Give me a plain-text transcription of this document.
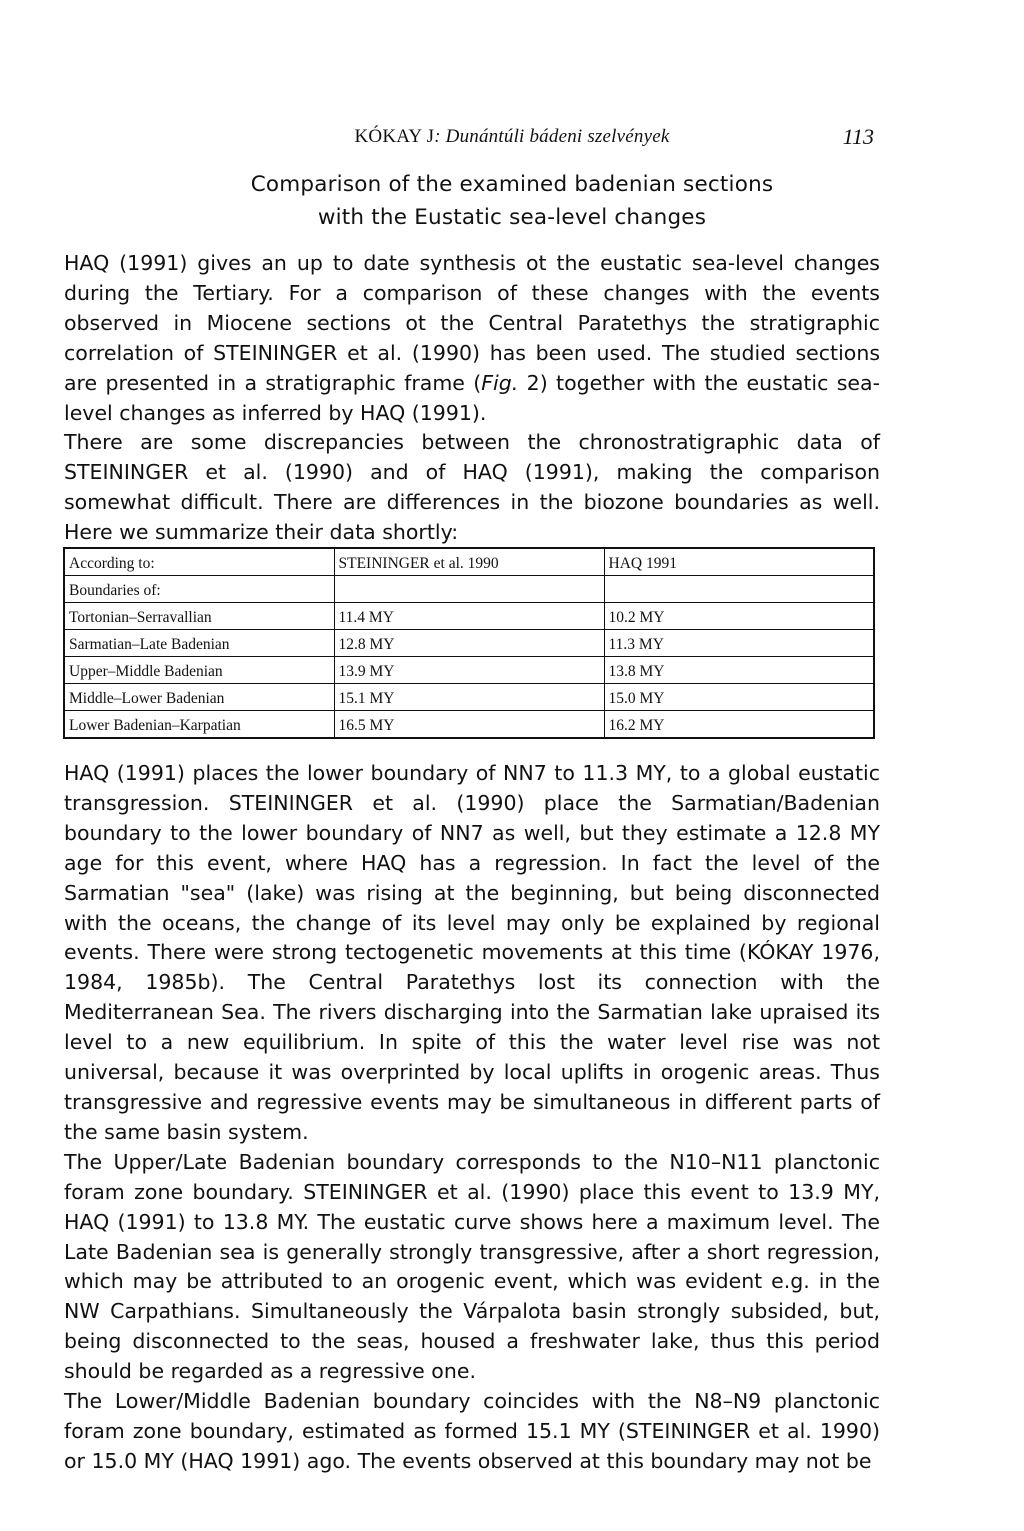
KÓKAY J: Dunántúli bádeni szelvények	113
Comparison of the examined badenian sections
with the Eustatic sea-level changes

HAQ (1991) gives an up to date synthesis ot the eustatic sea-level changes during the Tertiary. For a comparison of these changes with the events observed in Miocene sections ot the Central Paratethys the stratigraphic correlation of STEININGER et al. (1990) has been used. The studied sections are presented in a stratigraphic frame (Fig. 2) together with the eustatic sea-level changes as inferred by HAQ (1991).

There are some discrepancies between the chronostratigraphic data of STEININGER et al. (1990) and of HAQ (1991), making the comparison somewhat difficult. There are differences in the biozone boundaries as well. Here we summarize their data shortly:

According to:	STEININGER et al. 1990	HAQ 1991
Boundaries of:		
Tortonian–Serravallian	11.4 MY	10.2 MY
Sarmatian–Late Badenian	12.8 MY	11.3 MY
Upper–Middle Badenian	13.9 MY	13.8 MY
Middle–Lower Badenian	15.1 MY	15.0 MY
Lower Badenian–Karpatian	16.5 MY	16.2 MY

HAQ (1991) places the lower boundary of NN7 to 11.3 MY, to a global eustatic transgression. STEININGER et al. (1990) place the Sarmatian/Badenian boundary to the lower boundary of NN7 as well, but they estimate a 12.8 MY age for this event, where HAQ has a regression. In fact the level of the Sarmatian "sea" (lake) was rising at the beginning, but being disconnected with the oceans, the change of its level may only be explained by regional events. There were strong tectogenetic movements at this time (KÓKAY 1976, 1984, 1985b). The Central Paratethys lost its connection with the Mediterranean Sea. The rivers discharging into the Sarmatian lake upraised its level to a new equilibrium. In spite of this the water level rise was not universal, because it was overprinted by local uplifts in orogenic areas. Thus transgressive and regressive events may be simultaneous in different parts of the same basin system.

The Upper/Late Badenian boundary corresponds to the N10–N11 planctonic foram zone boundary. STEININGER et al. (1990) place this event to 13.9 MY, HAQ (1991) to 13.8 MY. The eustatic curve shows here a maximum level. The Late Badenian sea is generally strongly transgressive, after a short regression, which may be attributed to an orogenic event, which was evident e.g. in the NW Carpathians. Simultaneously the Várpalota basin strongly subsided, but, being disconnected to the seas, housed a freshwater lake, thus this period should be regarded as a regressive one.

The Lower/Middle Badenian boundary coincides with the N8–N9 planctonic foram zone boundary, estimated as formed 15.1 MY (STEININGER et al. 1990) or 15.0 MY (HAQ 1991) ago. The events observed at this boundary may not be
